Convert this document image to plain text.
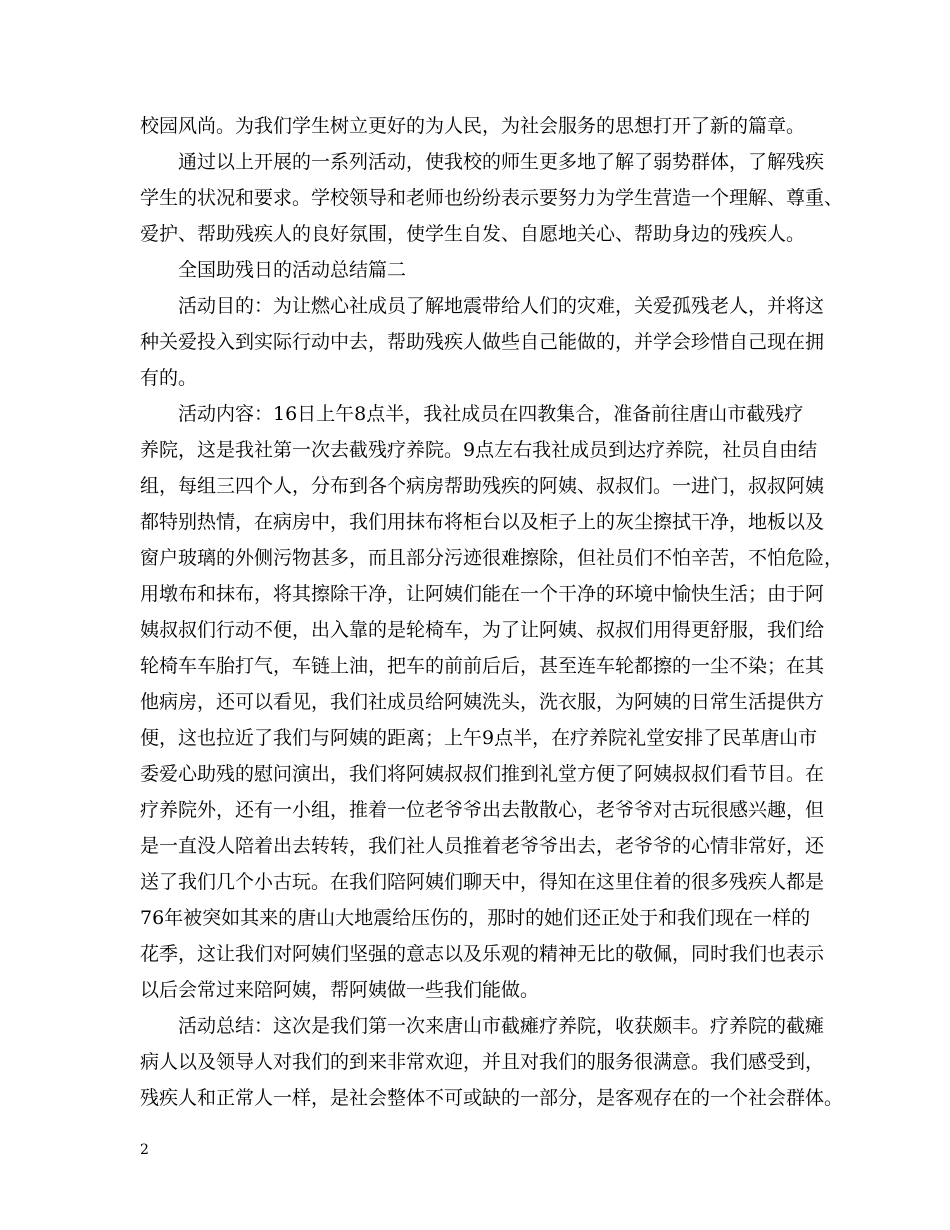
校园风尚。为我们学生树立更好的为人民，为社会服务的思想打开了新的篇章。
通过以上开展的一系列活动，使我校的师生更多地了解了弱势群体，了解残疾
学生的状况和要求。学校领导和老师也纷纷表示要努力为学生营造一个理解、尊重、
爱护、帮助残疾人的良好氛围，使学生自发、自愿地关心、帮助身边的残疾人。
全国助残日的活动总结篇二
活动目的：为让燃心社成员了解地震带给人们的灾难，关爱孤残老人，并将这
种关爱投入到实际行动中去，帮助残疾人做些自己能做的，并学会珍惜自己现在拥
有的。
活动内容：16日上午8点半，我社成员在四教集合，准备前往唐山市截残疗
养院，这是我社第一次去截残疗养院。9点左右我社成员到达疗养院，社员自由结
组，每组三四个人，分布到各个病房帮助残疾的阿姨、叔叔们。一进门，叔叔阿姨
都特别热情，在病房中，我们用抹布将柜台以及柜子上的灰尘擦拭干净，地板以及
窗户玻璃的外侧污物甚多，而且部分污迹很难擦除，但社员们不怕辛苦，不怕危险，
用墩布和抹布，将其擦除干净，让阿姨们能在一个干净的环境中愉快生活；由于阿
姨叔叔们行动不便，出入靠的是轮椅车，为了让阿姨、叔叔们用得更舒服，我们给
轮椅车车胎打气，车链上油，把车的前前后后，甚至连车轮都擦的一尘不染；在其
他病房，还可以看见，我们社成员给阿姨洗头，洗衣服，为阿姨的日常生活提供方
便，这也拉近了我们与阿姨的距离；上午9点半，在疗养院礼堂安排了民革唐山市
委爱心助残的慰问演出，我们将阿姨叔叔们推到礼堂方便了阿姨叔叔们看节目。在
疗养院外，还有一小组，推着一位老爷爷出去散散心，老爷爷对古玩很感兴趣，但
是一直没人陪着出去转转，我们社人员推着老爷爷出去，老爷爷的心情非常好，还
送了我们几个小古玩。在我们陪阿姨们聊天中，得知在这里住着的很多残疾人都是
76年被突如其来的唐山大地震给压伤的，那时的她们还正处于和我们现在一样的
花季，这让我们对阿姨们坚强的意志以及乐观的精神无比的敬佩，同时我们也表示
以后会常过来陪阿姨，帮阿姨做一些我们能做。
活动总结：这次是我们第一次来唐山市截瘫疗养院，收获颇丰。疗养院的截瘫
病人以及领导人对我们的到来非常欢迎，并且对我们的服务很满意。我们感受到，
残疾人和正常人一样，是社会整体不可或缺的一部分，是客观存在的一个社会群体。
2
